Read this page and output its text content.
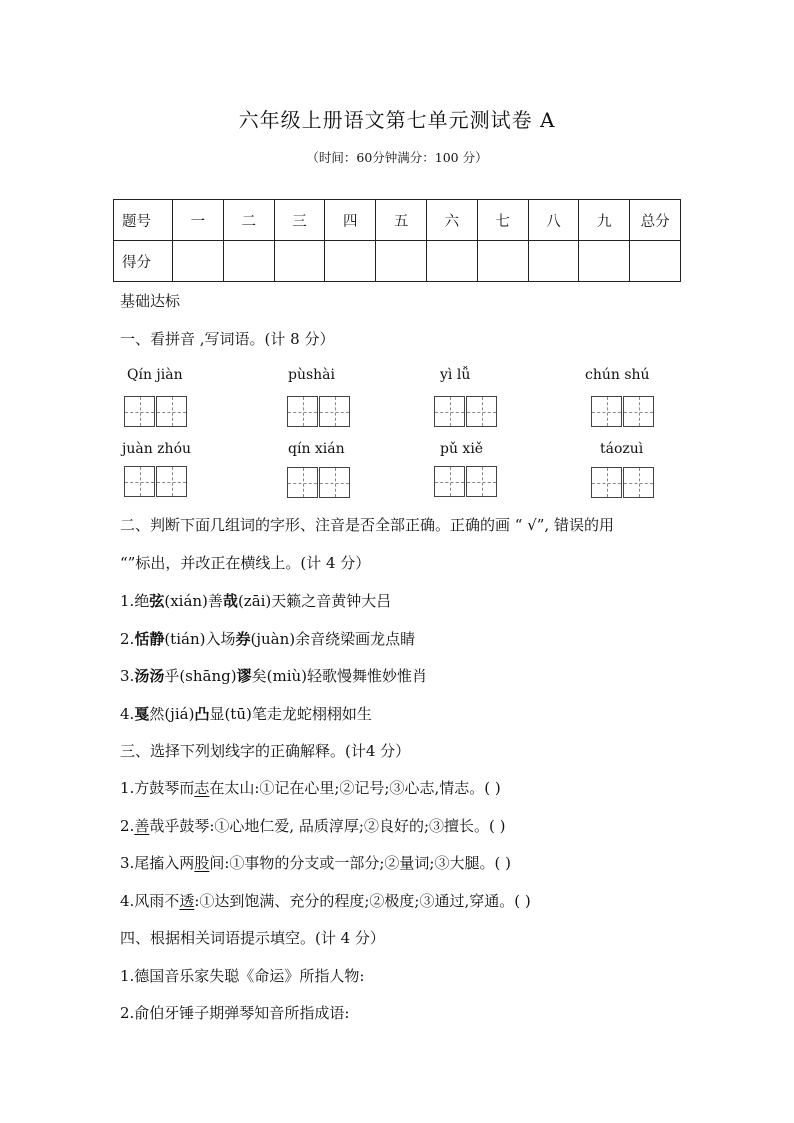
六年级上册语文第七单元测试卷 A
（时间：60分钟满分：100 分）
题号	一	二	三	四	五	六	七	八	九	总分
得分										
基础达标
一、看拼音 ,写词语。(计 8 分）
Qín jiàn	pùshài	yì lǚ	chún shú
juàn zhóu	qín xián	pǔ xiě	táozuì
二、判断下面几组词的字形、注音是否全部正确。正确的画 “ √”, 错误的用
“”标出，并改正在横线上。(计 4 分）
1.绝弦(xián)善哉(zāi)天籁之音黄钟大吕
2.恬静(tián)入场券(juàn)余音绕梁画龙点睛
3.汤汤乎(shāng)谬矣(miù)轻歌慢舞惟妙惟肖
4.戛然(jiá)凸显(tū)笔走龙蛇栩栩如生
三、选择下列划线字的正确解释。(计4 分）
1.方鼓琴而志在太山:①记在心里;②记号;③心志,情志。( )
2.善哉乎鼓琴:①心地仁爱, 品质淳厚;②良好的;③擅长。( )
3.尾搐入两股间:①事物的分支或一部分;②量词;③大腿。( )
4.风雨不透:①达到饱满、充分的程度;②极度;③通过,穿通。( )
四、根据相关词语提示填空。(计 4 分）
1.德国音乐家失聪《命运》所指人物:
2.俞伯牙锤子期弹琴知音所指成语:
